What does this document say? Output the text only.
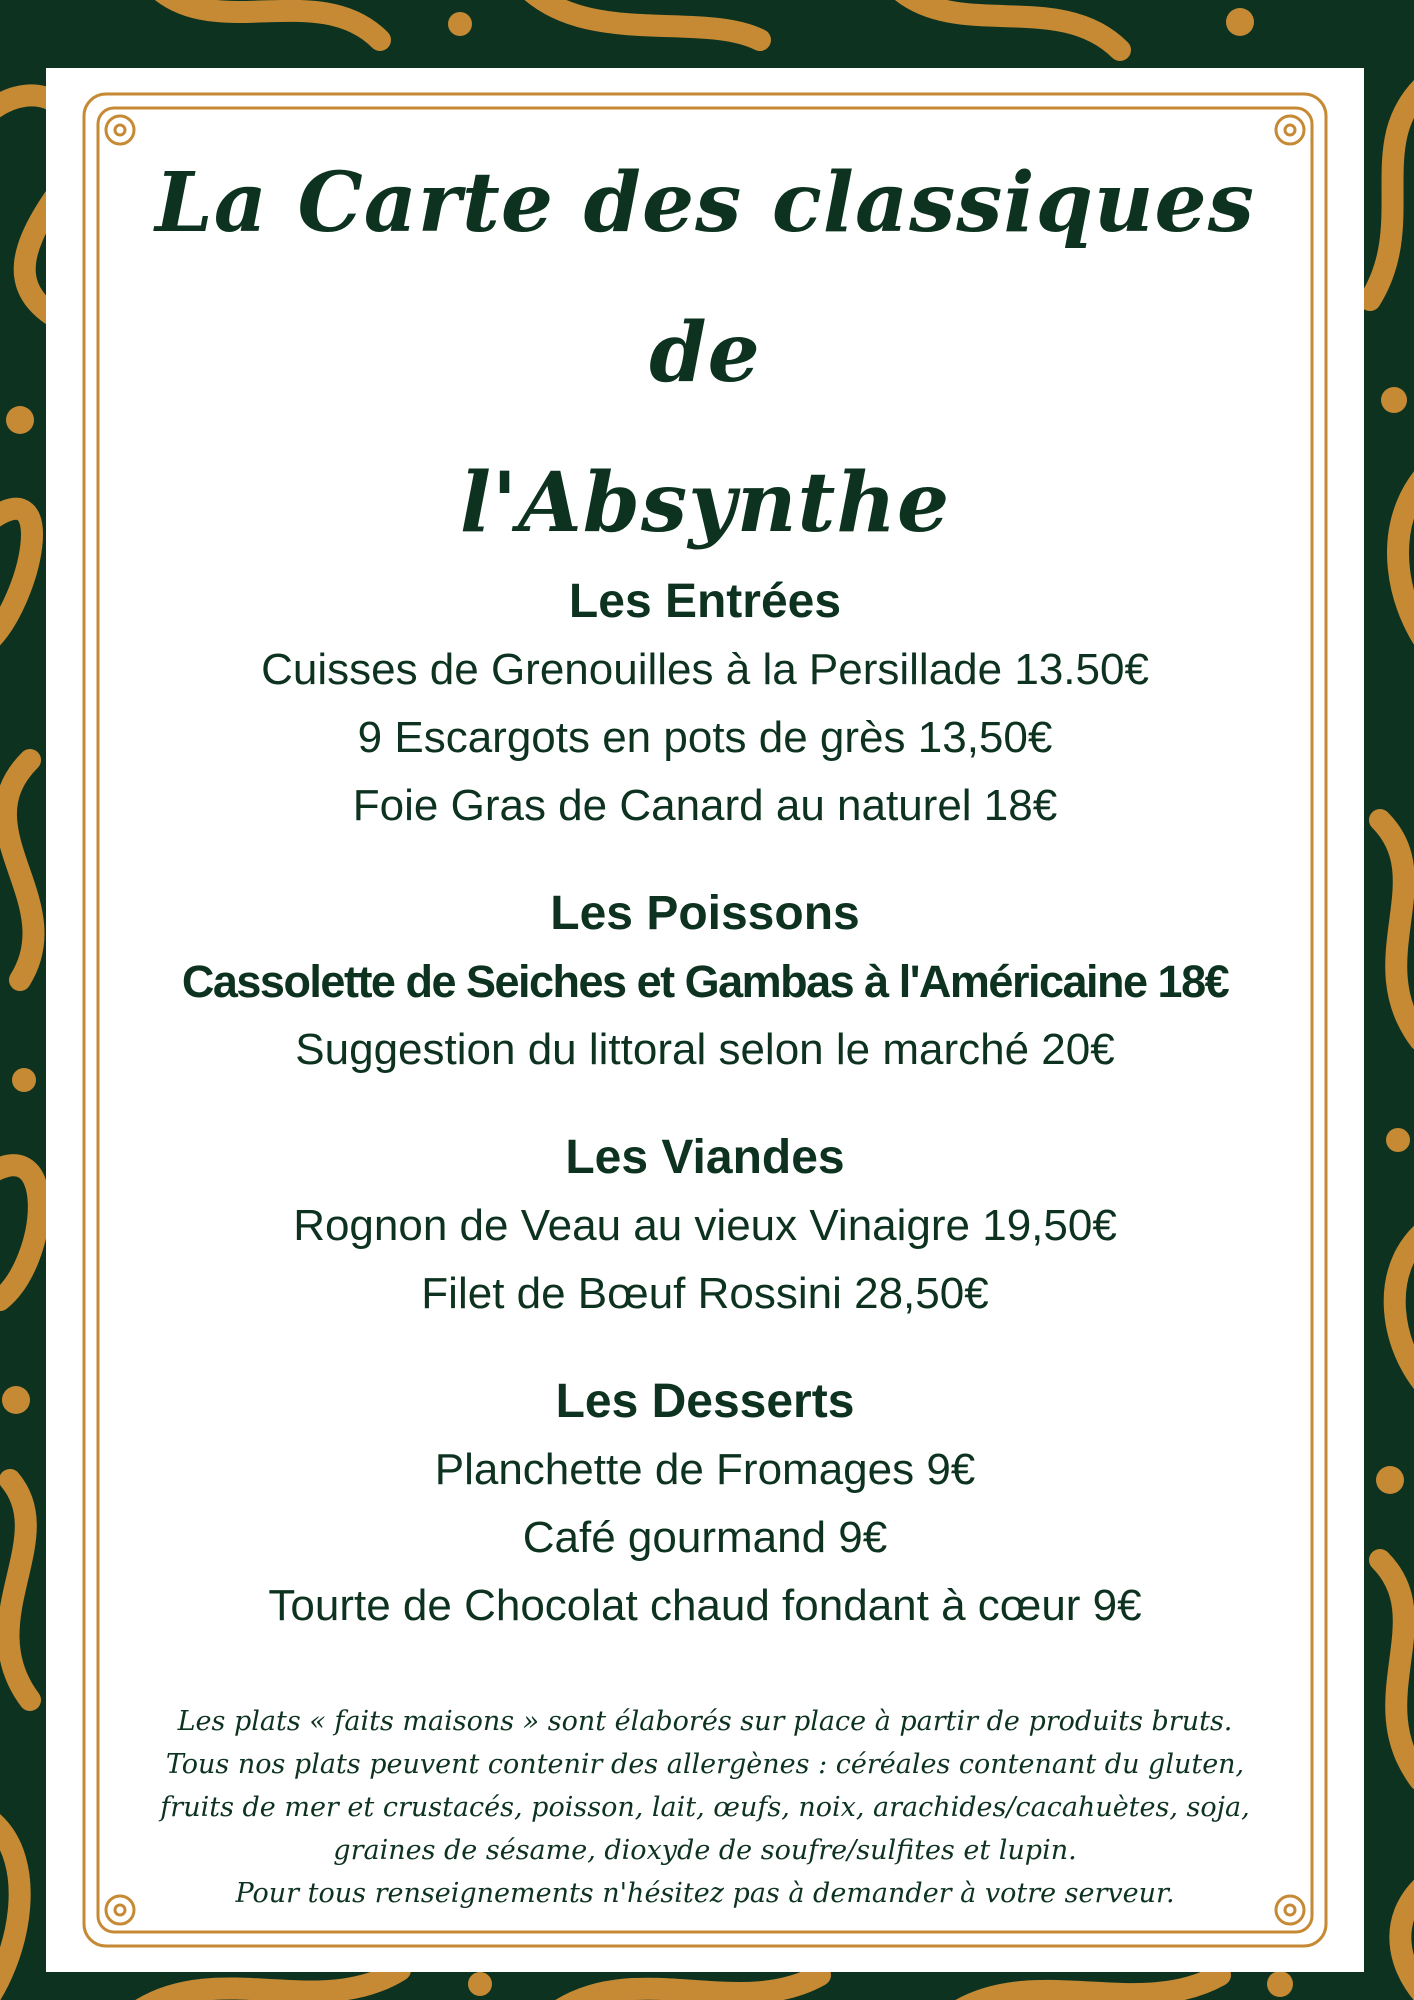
La Carte des classiques de

l'Absynthe

Les Entrées

Cuisses de Grenouilles à la Persillade 13.50€

9 Escargots en pots de grès 13,50€

Foie Gras de Canard au naturel 18€

Les Poissons

Cassolette de Seiches et Gambas à l'Américaine 18€

Suggestion du littoral selon le marché 20€

Les Viandes

Rognon de Veau au vieux Vinaigre 19,50€

Filet de Bœuf Rossini 28,50€

Les Desserts

Planchette de Fromages 9€

Café gourmand 9€

Tourte de Chocolat chaud fondant à cœur 9€

Les plats « faits maisons » sont élaborés sur place à partir de produits bruts.

Tous nos plats peuvent contenir des allergènes : céréales contenant du gluten,

fruits de mer et crustacés, poisson, lait, œufs, noix, arachides/cacahuètes, soja,

graines de sésame, dioxyde de soufre/sulfites et lupin.

Pour tous renseignements n'hésitez pas à demander à votre serveur.
